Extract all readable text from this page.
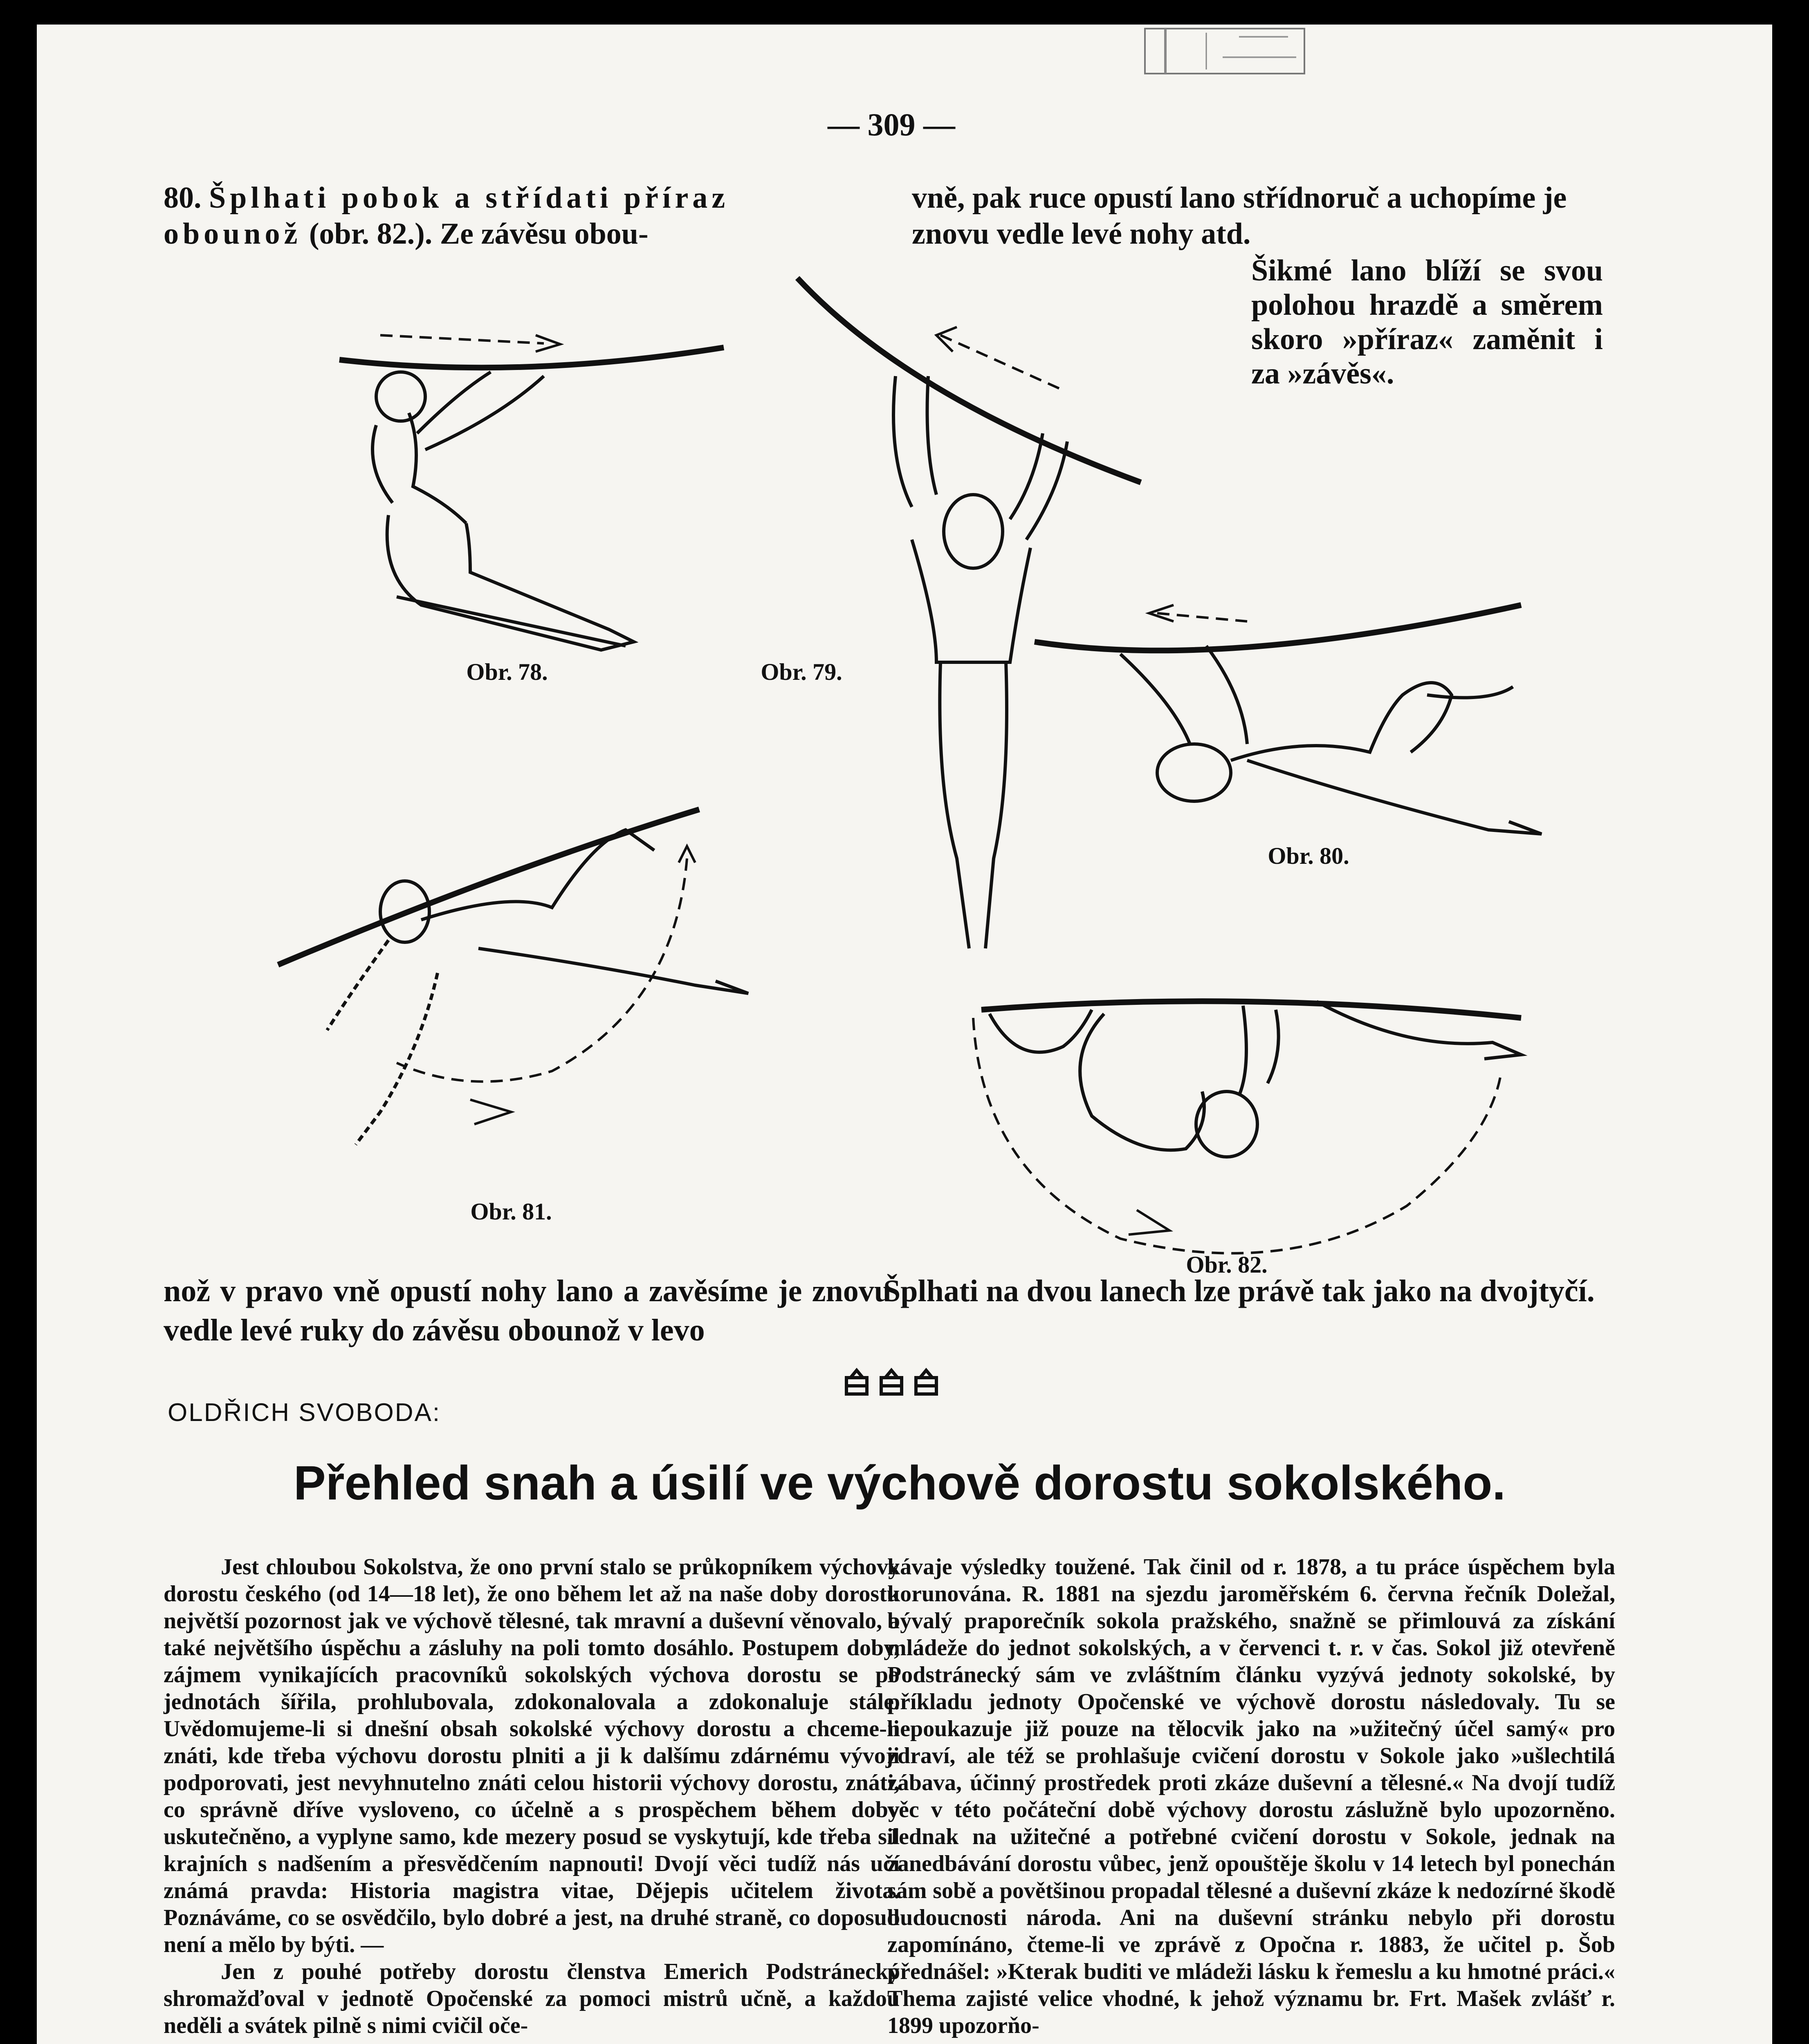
— 309 —
80. Šplhati pobok a střídati příraz obounož (obr. 82.). Ze závěsu obou-
vně, pak ruce opustí lano střídnoruč a uchopíme je znovu vedle levé nohy atd.
Šikmé lano blíží se svou polohou hrazdě a směrem skoro »příraz« zaměnit i za »závěs«.
Obr. 78.	Obr. 79.
Obr. 80.
Obr. 81.
Obr. 82.
nož v pravo vně opustí nohy lano a zavěsíme je znovu vedle levé ruky do závěsu obounož v levo
Šplhati na dvou lanech lze právě tak jako na dvojtyčí.
OLDŘICH SVOBODA:
Přehled snah a úsilí ve výchově dorostu sokolského.

Jest chloubou Sokolstva, že ono první stalo se průkopníkem výchovy dorostu českého (od 14—18 let), že ono během let až na naše doby dorostu největší pozornost jak ve výchově tělesné, tak mravní a duševní věnovalo, a také největšího úspěchu a zásluhy na poli tomto dosáhlo. Postupem doby, zájmem vynikajících pracovníků sokolských výchova dorostu se po jednotách šířila, prohlubovala, zdokonalovala a zdokonaluje stále. Uvědomujeme-li si dnešní obsah sokolské výchovy dorostu a chceme-li znáti, kde třeba výchovu dorostu plniti a ji k dalšímu zdárnému vývoji podporovati, jest nevyhnutelno znáti celou historii výchovy dorostu, znáti, co správně dříve vysloveno, co účelně a s prospěchem během doby uskutečněno, a vyplyne samo, kde mezery posud se vyskytují, kde třeba sil krajních s nadšením a přesvědčením napnouti! Dvojí věci tudíž nás učí známá pravda: Historia magistra vitae, Dějepis učitelem života. Poznáváme, co se osvědčilo, bylo dobré a jest, na druhé straně, co doposud není a mělo by býti. —

Jen z pouhé potřeby dorostu členstva Emerich Podstránecký shromažďoval v jednotě Opočenské za pomoci mistrů učně, a každou neděli a svátek pilně s nimi cvičil oče-

kávaje výsledky toužené. Tak činil od r. 1878, a tu práce úspěchem byla korunována. R. 1881 na sjezdu jaroměřském 6. června řečník Doležal, bývalý praporečník sokola pražského, snažně se přimlouvá za získání mládeže do jednot sokolských, a v červenci t. r. v čas. Sokol již otevřeně Podstránecký sám ve zvláštním článku vyzývá jednoty sokolské, by příkladu jednoty Opočenské ve výchově dorostu následovaly. Tu se nepoukazuje již pouze na tělocvik jako na »užitečný účel samý« pro zdraví, ale též se prohlašuje cvičení dorostu v Sokole jako »ušlechtilá zábava, účinný prostředek proti zkáze duševní a tělesné.« Na dvojí tudíž věc v této počáteční době výchovy dorostu záslužně bylo upozorněno. Jednak na užitečné a potřebné cvičení dorostu v Sokole, jednak na zanedbávání dorostu vůbec, jenž opouštěje školu v 14 letech byl ponechán sám sobě a povětšinou propadal tělesné a duševní zkáze k nedozírné škodě budoucnosti národa. Ani na duševní stránku nebylo při dorostu zapomínáno, čteme-li ve zprávě z Opočna r. 1883, že učitel p. Šob přednášel: »Kterak buditi ve mládeži lásku k řemeslu a ku hmotné práci.« Thema zajisté velice vhodné, k jehož významu br. Frt. Mašek zvlášť r. 1899 upozorňo-
